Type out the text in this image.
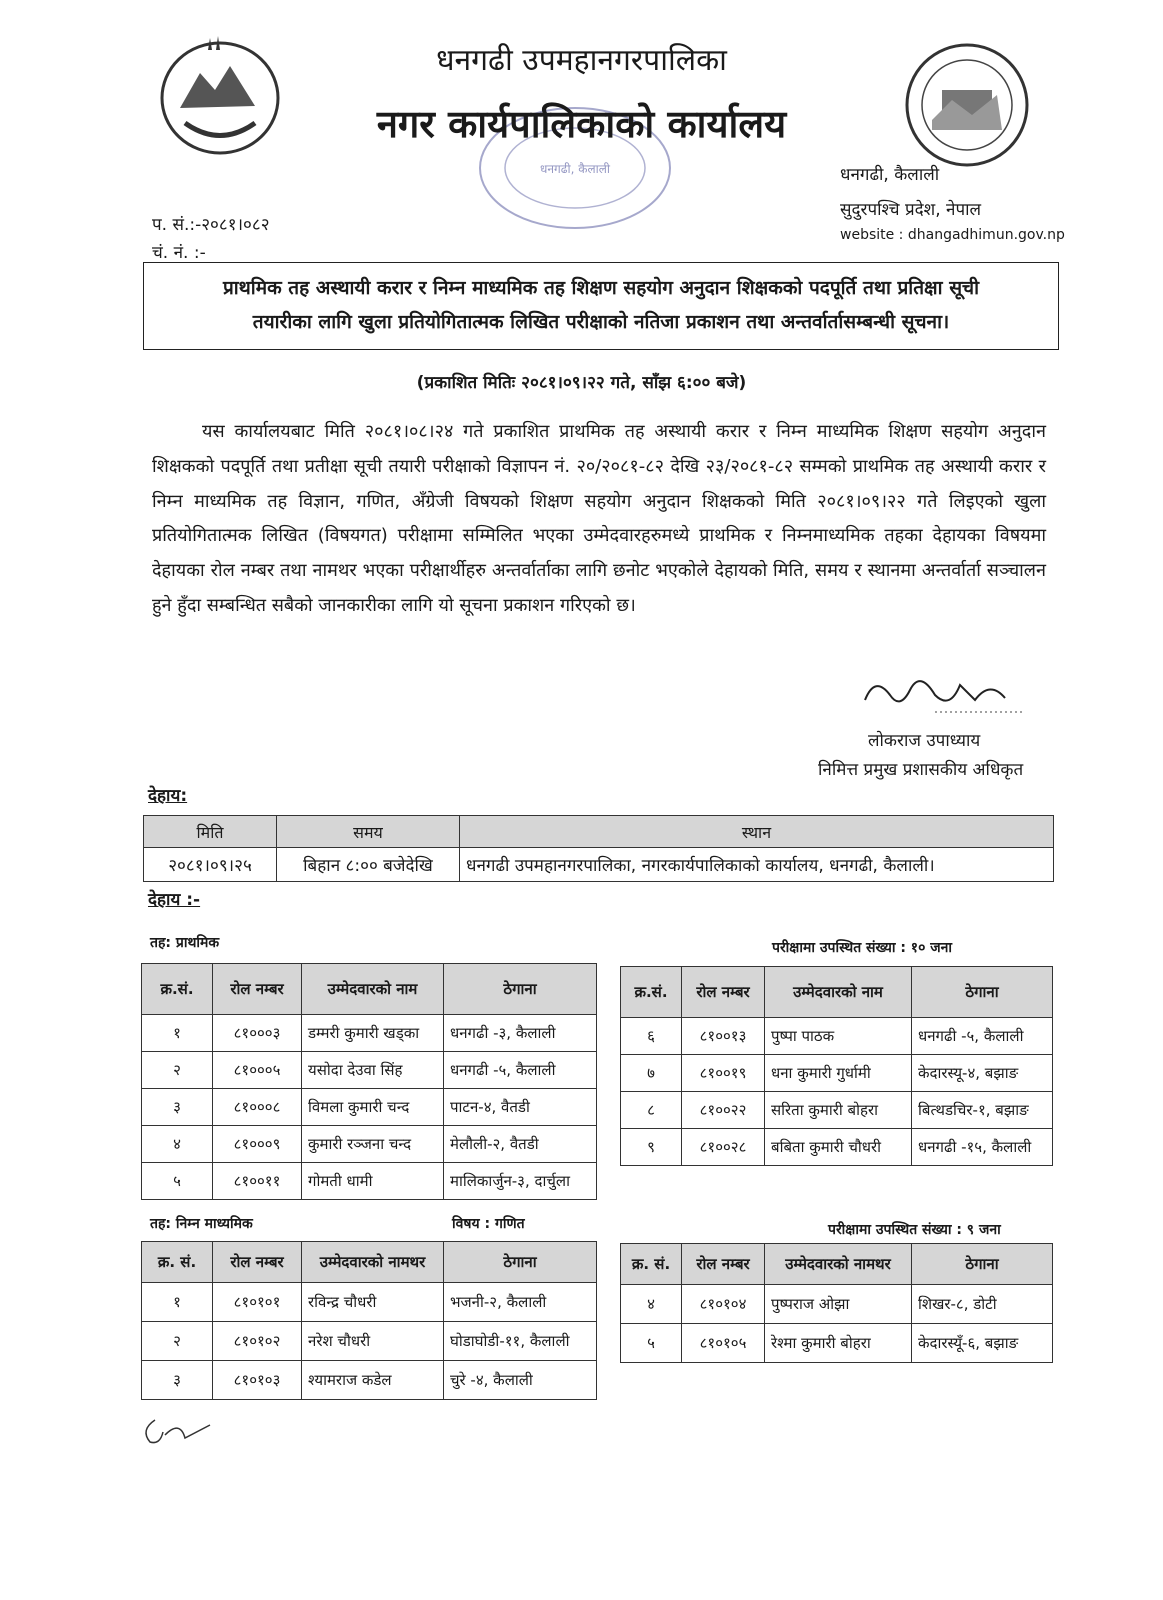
धनगढी, कैलाली
धनगढी उपमहानगरपालिका
नगर कार्यपालिकाको कार्यालय
प. सं.:-२०८१।०८२
चं. नं. :-
धनगढी, कैलाली
सुदुरपश्चि प्रदेश, नेपाल
website : dhangadhimun.gov.np
प्राथमिक तह अस्थायी करार र निम्न माध्यमिक तह शिक्षण सहयोग अनुदान शिक्षकको पदपूर्ति तथा प्रतिक्षा सूची
तयारीका लागि खुला प्रतियोगितात्मक लिखित परीक्षाको नतिजा प्रकाशन तथा अन्तर्वार्तासम्बन्धी सूचना।
(प्रकाशित मितिः २०८१।०९।२२ गते, साँझ ६:०० बजे)
यस कार्यालयबाट मिति २०८१।०८।२४ गते प्रकाशित प्राथमिक तह अस्थायी करार र निम्न माध्यमिक शिक्षण सहयोग अनुदान शिक्षकको पदपूर्ति तथा प्रतीक्षा सूची तयारी परीक्षाको विज्ञापन नं. २०/२०८१-८२ देखि २३/२०८१-८२ सम्मको प्राथमिक तह अस्थायी करार र निम्न माध्यमिक तह विज्ञान, गणित, अँग्रेजी विषयको शिक्षण सहयोग अनुदान शिक्षकको मिति २०८१।०९।२२ गते लिइएको खुला प्रतियोगितात्मक लिखित (विषयगत) परीक्षामा सम्मिलित भएका उम्मेदवारहरुमध्ये प्राथमिक र निम्नमाध्यमिक तहका देहायका विषयमा देहायका रोल नम्बर तथा नामथर भएका परीक्षार्थीहरु अन्तर्वार्ताका लागि छनोट भएकोले देहायको मिति, समय र स्थानमा अन्तर्वार्ता सञ्चालन हुने हुँदा सम्बन्धित सबैको जानकारीका लागि यो सूचना प्रकाशन गरिएको छ।
लोकराज उपाध्याय
निमित्त प्रमुख प्रशासकीय अधिकृत
देहाय:
मिति	समय	स्थान
२०८१।०९।२५	बिहान ८:०० बजेदेखि	धनगढी उपमहानगरपालिका, नगरकार्यपालिकाको कार्यालय, धनगढी, कैलाली।
देहाय :-
तह: प्राथमिक	परीक्षामा उपस्थित संख्या : १० जना
क्र.सं.	रोल नम्बर	उम्मेदवारको नाम	ठेगाना
१	८१०००३	डम्मरी कुमारी खड्का	धनगढी -३, कैलाली
२	८१०००५	यसोदा देउवा सिंह	धनगढी -५, कैलाली
३	८१०००८	विमला कुमारी चन्द	पाटन-४, वैतडी
४	८१०००९	कुमारी रञ्जना चन्द	मेलौली-२, वैतडी
५	८१००११	गोमती धामी	मालिकार्जुन-३, दार्चुला
क्र.सं.	रोल नम्बर	उम्मेदवारको नाम	ठेगाना
६	८१००१३	पुष्पा पाठक	धनगढी -५, कैलाली
७	८१००१९	धना कुमारी गुर्धामी	केदारस्यू-४, बझाङ
८	८१००२२	सरिता कुमारी बोहरा	बित्थडचिर-१, बझाङ
९	८१००२८	बबिता कुमारी चौधरी	धनगढी -१५, कैलाली
तह: निम्न माध्यमिक	विषय : गणित	परीक्षामा उपस्थित संख्या : ९ जना
क्र. सं.	रोल नम्बर	उम्मेदवारको नामथर	ठेगाना
१	८१०१०१	रविन्द्र चौधरी	भजनी-२, कैलाली
२	८१०१०२	नरेश चौधरी	घोडाघोडी-११, कैलाली
३	८१०१०३	श्यामराज कडेल	चुरे -४, कैलाली
क्र. सं.	रोल नम्बर	उम्मेदवारको नामथर	ठेगाना
४	८१०१०४	पुष्पराज ओझा	शिखर-८, डोटी
५	८१०१०५	रेश्मा कुमारी बोहरा	केदारस्यूँ-६, बझाङ
